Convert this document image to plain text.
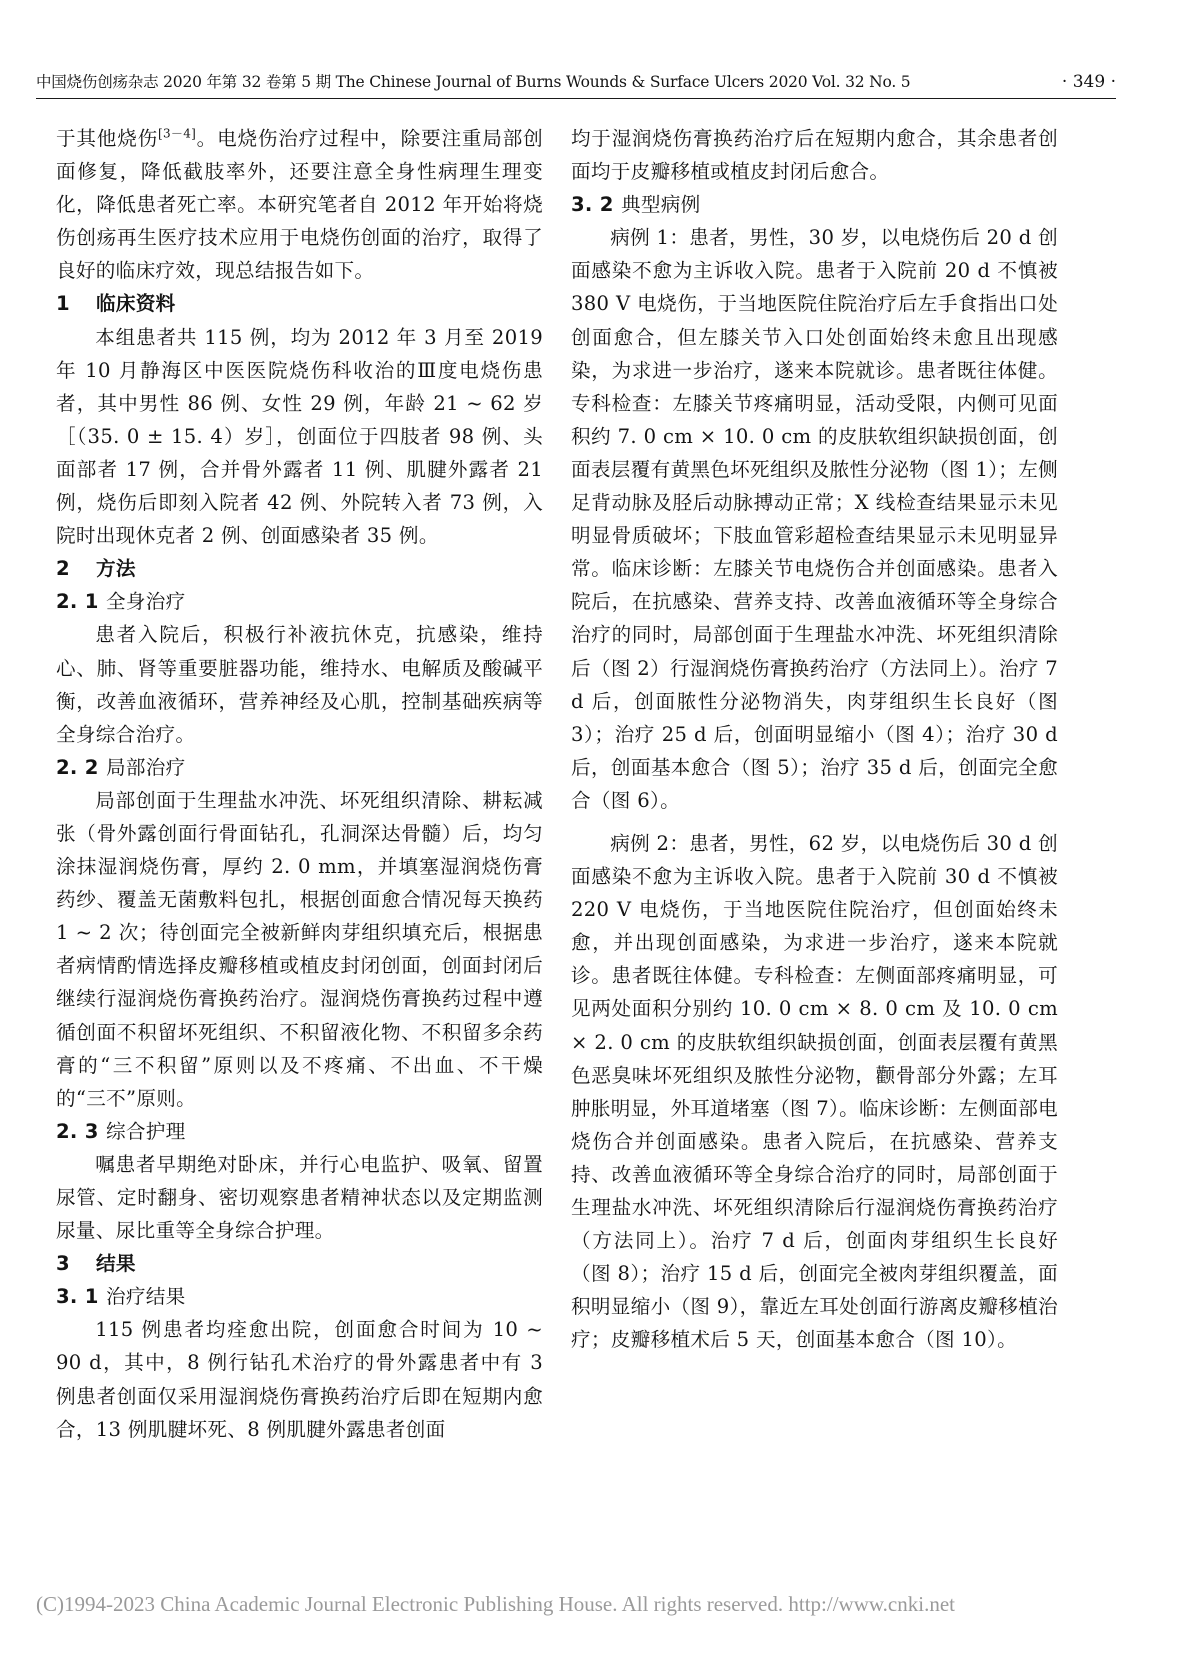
中国烧伤创疡杂志 2020 年第 32 卷第 5 期 The Chinese Journal of Burns Wounds & Surface Ulcers 2020 Vol. 32 No. 5	· 349 ·

于其他烧伤[3－4]。电烧伤治疗过程中，除要注重局部创面修复，降低截肢率外，还要注意全身性病理生理变化，降低患者死亡率。本研究笔者自 2012 年开始将烧伤创疡再生医疗技术应用于电烧伤创面的治疗，取得了良好的临床疗效，现总结报告如下。

1 临床资料

本组患者共 115 例，均为 2012 年 3 月至 2019 年 10 月静海区中医医院烧伤科收治的Ⅲ度电烧伤患者，其中男性 86 例、女性 29 例，年龄 21 ~ 62 岁［（35. 0 ± 15. 4）岁］，创面位于四肢者 98 例、头面部者 17 例，合并骨外露者 11 例、肌腱外露者 21 例，烧伤后即刻入院者 42 例、外院转入者 73 例，入院时出现休克者 2 例、创面感染者 35 例。

2 方法
2. 1 全身治疗

患者入院后，积极行补液抗休克，抗感染，维持心、肺、肾等重要脏器功能，维持水、电解质及酸碱平衡，改善血液循环，营养神经及心肌，控制基础疾病等全身综合治疗。

2. 2 局部治疗

局部创面于生理盐水冲洗、坏死组织清除、耕耘减张（骨外露创面行骨面钻孔，孔洞深达骨髓）后，均匀涂抹湿润烧伤膏，厚约 2. 0 mm，并填塞湿润烧伤膏药纱、覆盖无菌敷料包扎，根据创面愈合情况每天换药 1 ~ 2 次；待创面完全被新鲜肉芽组织填充后，根据患者病情酌情选择皮瓣移植或植皮封闭创面，创面封闭后继续行湿润烧伤膏换药治疗。湿润烧伤膏换药过程中遵循创面不积留坏死组织、不积留液化物、不积留多余药膏的“三不积留”原则以及不疼痛、不出血、不干燥的“三不”原则。

2. 3 综合护理

嘱患者早期绝对卧床，并行心电监护、吸氧、留置尿管、定时翻身、密切观察患者精神状态以及定期监测尿量、尿比重等全身综合护理。

3 结果
3. 1 治疗结果

115 例患者均痊愈出院，创面愈合时间为 10 ~ 90 d，其中，8 例行钻孔术治疗的骨外露患者中有 3 例患者创面仅采用湿润烧伤膏换药治疗后即在短期内愈合，13 例肌腱坏死、8 例肌腱外露患者创面

均于湿润烧伤膏换药治疗后在短期内愈合，其余患者创面均于皮瓣移植或植皮封闭后愈合。

3. 2 典型病例

病例 1：患者，男性，30 岁，以电烧伤后 20 d 创面感染不愈为主诉收入院。患者于入院前 20 d 不慎被 380 V 电烧伤，于当地医院住院治疗后左手食指出口处创面愈合，但左膝关节入口处创面始终未愈且出现感染，为求进一步治疗，遂来本院就诊。患者既往体健。专科检查：左膝关节疼痛明显，活动受限，内侧可见面积约 7. 0 cm × 10. 0 cm 的皮肤软组织缺损创面，创面表层覆有黄黑色坏死组织及脓性分泌物（图 1）；左侧足背动脉及胫后动脉搏动正常；X 线检查结果显示未见明显骨质破坏；下肢血管彩超检查结果显示未见明显异常。临床诊断：左膝关节电烧伤合并创面感染。患者入院后，在抗感染、营养支持、改善血液循环等全身综合治疗的同时，局部创面于生理盐水冲洗、坏死组织清除后（图 2）行湿润烧伤膏换药治疗（方法同上）。治疗 7 d 后，创面脓性分泌物消失，肉芽组织生长良好（图 3）；治疗 25 d 后，创面明显缩小（图 4）；治疗 30 d 后，创面基本愈合（图 5）；治疗 35 d 后，创面完全愈合（图 6）。

病例 2：患者，男性，62 岁，以电烧伤后 30 d 创面感染不愈为主诉收入院。患者于入院前 30 d 不慎被 220 V 电烧伤，于当地医院住院治疗，但创面始终未愈，并出现创面感染，为求进一步治疗，遂来本院就诊。患者既往体健。专科检查：左侧面部疼痛明显，可见两处面积分别约 10. 0 cm × 8. 0 cm 及 10. 0 cm × 2. 0 cm 的皮肤软组织缺损创面，创面表层覆有黄黑色恶臭味坏死组织及脓性分泌物，颧骨部分外露；左耳肿胀明显，外耳道堵塞（图 7）。临床诊断：左侧面部电烧伤合并创面感染。患者入院后，在抗感染、营养支持、改善血液循环等全身综合治疗的同时，局部创面于生理盐水冲洗、坏死组织清除后行湿润烧伤膏换药治疗（方法同上）。治疗 7 d 后，创面肉芽组织生长良好（图 8）；治疗 15 d 后，创面完全被肉芽组织覆盖，面积明显缩小（图 9），靠近左耳处创面行游离皮瓣移植治疗；皮瓣移植术后 5 天，创面基本愈合（图 10）。

(C)1994-2023 China Academic Journal Electronic Publishing House. All rights reserved. http://www.cnki.net
